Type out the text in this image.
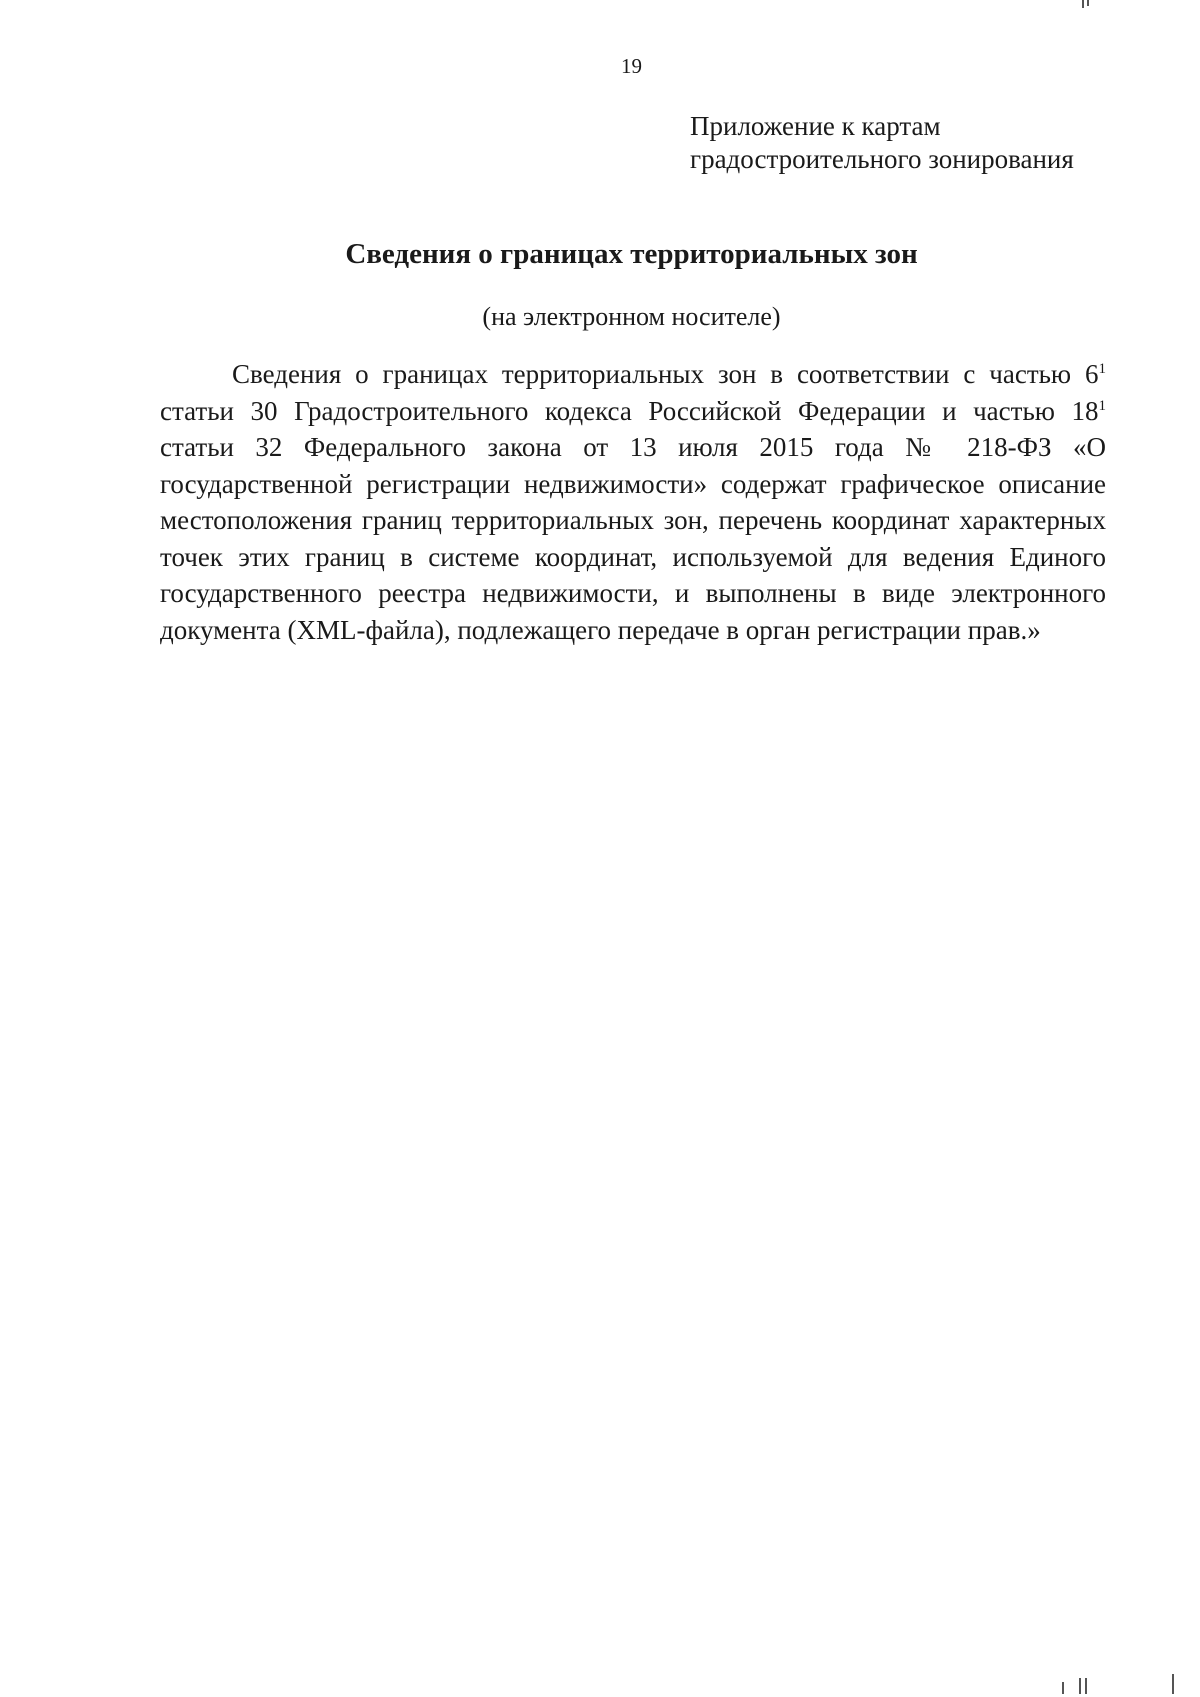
19
Приложение к картам
градостроительного зонирования
Сведения о границах территориальных зон
(на электронном носителе)

Сведения о границах территориальных зон в соответствии с частью $6^1$ статьи 30 Градостроительного кодекса Российской Федерации и частью $18^1$ статьи 32 Федерального закона от 13 июля 2015 года № 218-ФЗ «О государственной регистрации недвижимости» содержат графическое описание местоположения границ территориальных зон, перечень координат характерных точек этих границ в системе координат, используемой для ведения Единого государственного реестра недвижимости, и выполнены в виде электронного документа (XML-файла), подлежащего передаче в орган регистрации прав.»
